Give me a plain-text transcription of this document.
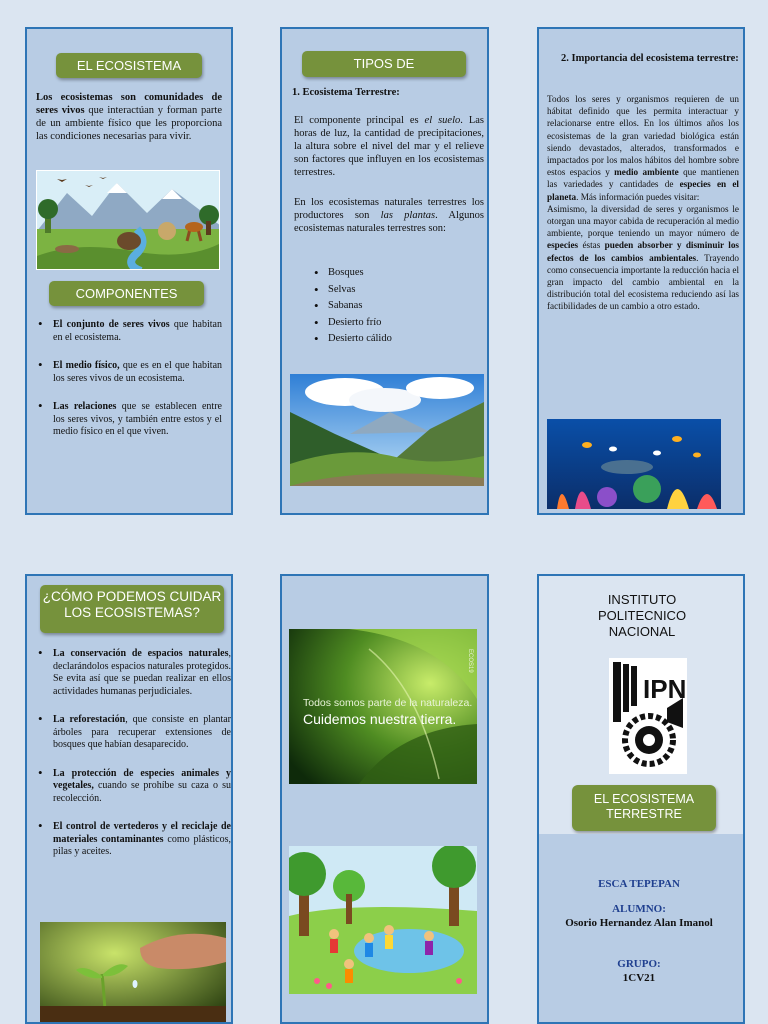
EL ECOSISTEMA
Los ecosistemas son comunidades de seres vivos que interactúan y forman parte de un ambiente físico que les proporciona las condiciones necesarias para vivir.
COMPONENTES
• El conjunto de seres vivos que habitan en el ecosistema.
• El medio físico, que es en el que habitan los seres vivos de un ecosistema.
• Las relaciones que se establecen entre los seres vivos, y también entre estos y el medio físico en el que viven.
TIPOS DE
1. Ecosistema Terrestre:
El componente principal es el suelo. Las horas de luz, la cantidad de precipitaciones, la altura sobre el nivel del mar y el relieve son factores que influyen en los ecosistemas terrestres.
En los ecosistemas naturales terrestres los productores son las plantas. Algunos ecosistemas naturales terrestres son:
• Bosques
• Selvas
• Sabanas
• Desierto frío
• Desierto cálido
2. Importancia del ecosistema terrestre:
Todos los seres y organismos requieren de un hábitat definido que les permita interactuar y relacionarse entre ellos. En los últimos años los ecosistemas de la gran variedad biológica están siendo devastados, alterados, transformados e impactados por los malos hábitos del hombre sobre estos espacios y medio ambiente que mantienen las variedades y cantidades de especies en el planeta. Más información puedes visitar:
Asimismo, la diversidad de seres y organismos le otorgan una mayor cabida de recuperación al medio ambiente, porque teniendo un mayor número de especies éstas pueden absorber y disminuir los efectos de los cambios ambientales. Trayendo como consecuencia importante la reducción hacia el gran impacto del cambio ambiental en la distribución total del ecosistema reduciendo así las factibilidades de un cambio a otro estado.
¿CÓMO PODEMOS CUIDAR LOS ECOSISTEMAS?
• La conservación de espacios naturales, declarándolos espacios naturales protegidos. Se evita así que se puedan realizar en ellos actividades humanas perjudiciales.
• La reforestación, que consiste en plantar árboles para recuperar extensiones de bosques que habían desaparecido.
• La protección de especies animales y vegetales, cuando se prohíbe su caza o su recolección.
• El control de vertederos y el reciclaje de materiales contaminantes como plásticos, pilas y aceites.
Todos somos parte de la naturaleza.
Cuidemos nuestra tierra.
ECOS19
INSTITUTO POLITECNICO NACIONAL
IPN
EL ECOSISTEMA TERRESTRE
ESCA TEPEPAN
ALUMNO:
Osorio Hernandez Alan Imanol
GRUPO:
1CV21
